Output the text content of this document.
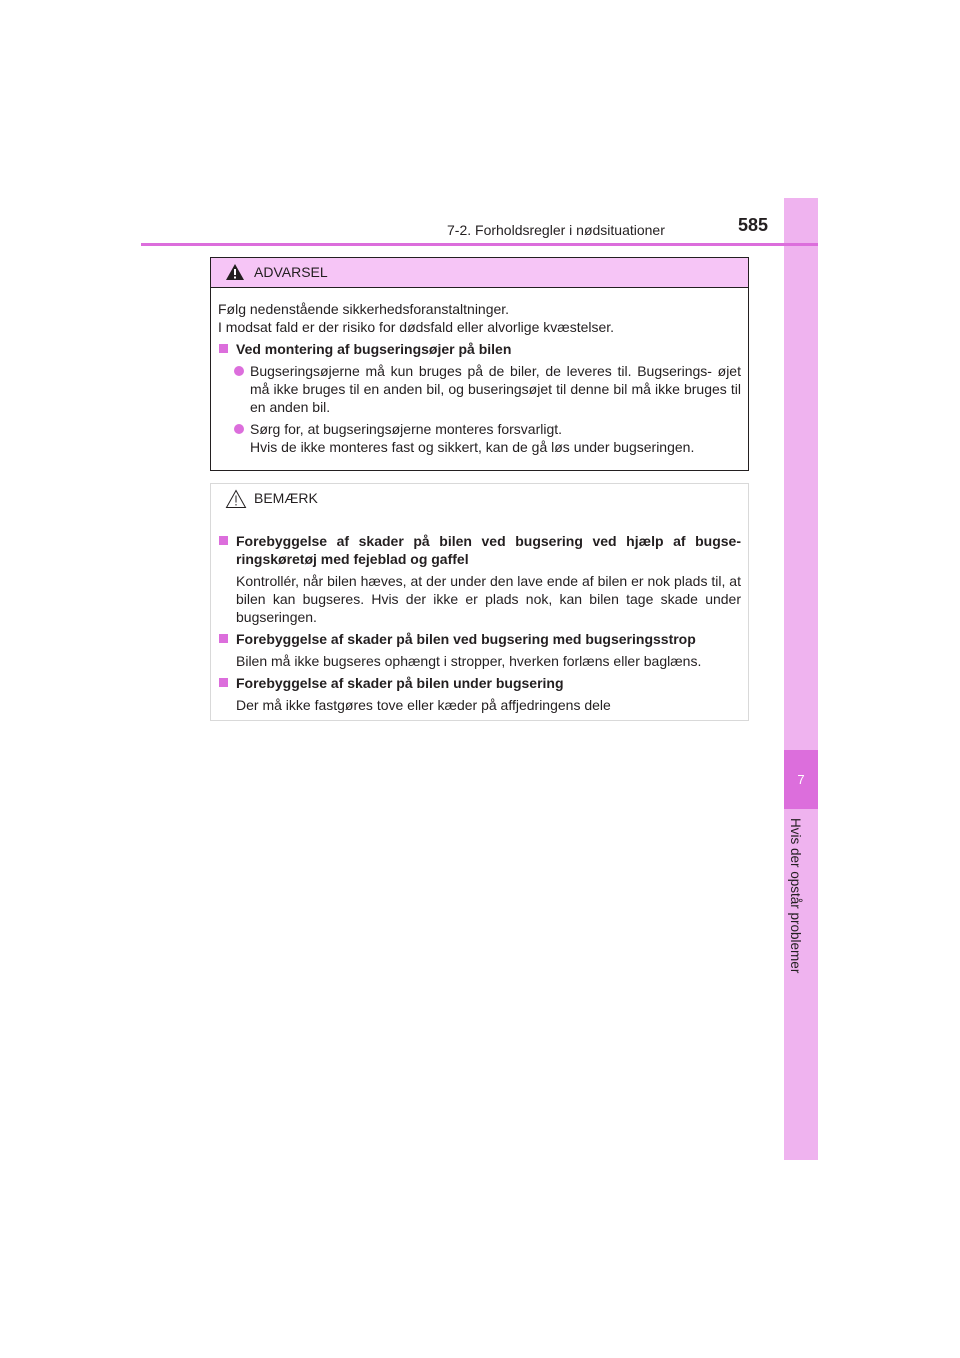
7
Hvis der opstår problemer
7-2. Forholdsregler i nødsituationer	585
ADVARSEL
Følg nedenstående sikkerhedsforanstaltninger.
I modsat fald er der risiko for dødsfald eller alvorlige kvæstelser.
Ved montering af bugseringsøjer på bilen
Bugseringsøjerne må kun bruges på de biler, de leveres til. Bugserings- øjet må ikke bruges til en anden bil, og buseringsøjet til denne bil må ikke bruges til en anden bil.
Sørg for, at bugseringsøjerne monteres forsvarligt.
Hvis de ikke monteres fast og sikkert, kan de gå løs under bugseringen.
BEMÆRK
Forebyggelse af skader på bilen ved bugsering ved hjælp af bugse- ringskøretøj med fejeblad og gaffel
Kontrollér, når bilen hæves, at der under den lave ende af bilen er nok plads til, at bilen kan bugseres. Hvis der ikke er plads nok, kan bilen tage skade under bugseringen.
Forebyggelse af skader på bilen ved bugsering med bugseringsstrop
Bilen må ikke bugseres ophængt i stropper, hverken forlæns eller baglæns.
Forebyggelse af skader på bilen under bugsering
Der må ikke fastgøres tove eller kæder på affjedringens dele
